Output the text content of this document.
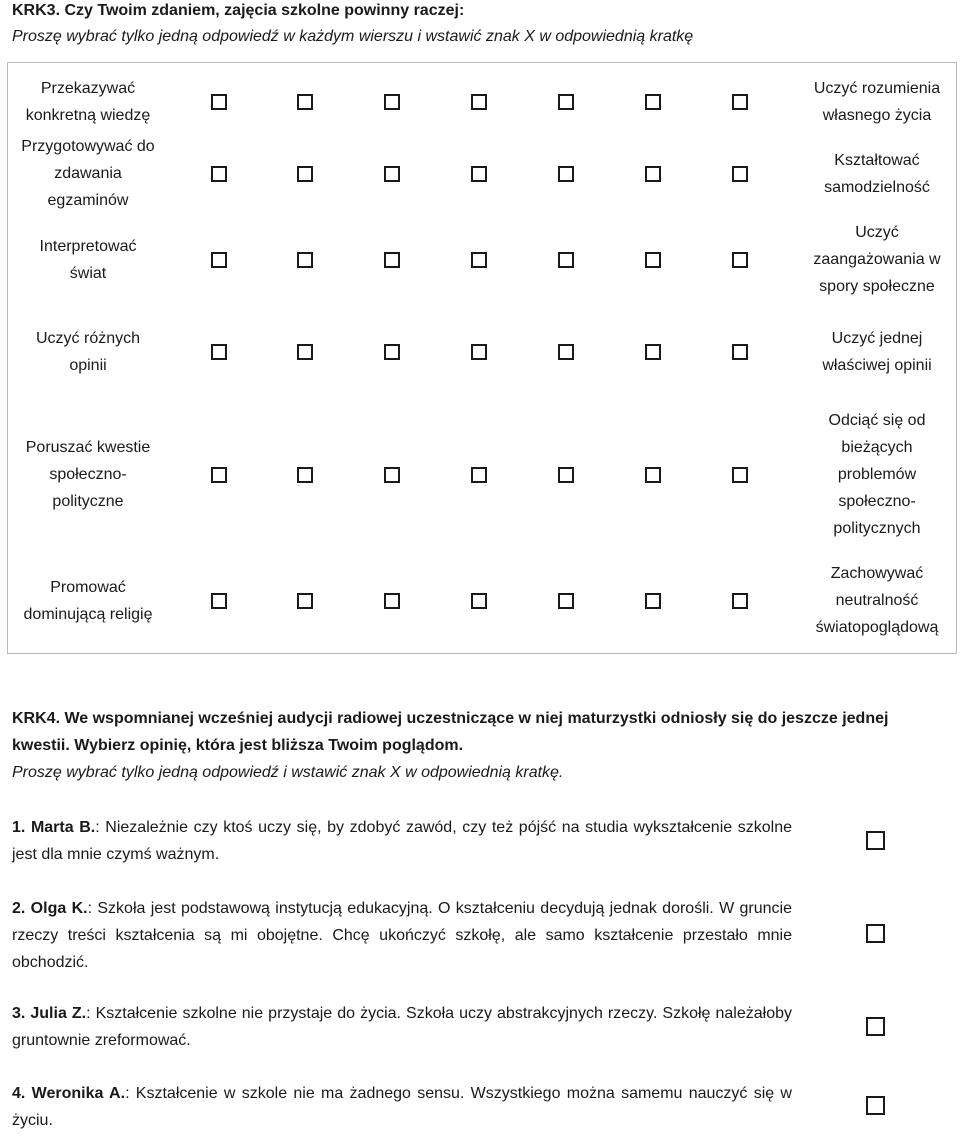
KRK3. Czy Twoim zdaniem, zajęcia szkolne powinny raczej:
Proszę wybrać tylko jedną odpowiedź w każdym wierszu i wstawić znak X w odpowiednią kratkę
Przekazywać
konkretną wiedzę
Uczyć rozumienia
własnego życia
Przygotowywać do
zdawania
egzaminów
Kształtować
samodzielność
Interpretować
świat
Uczyć
zaangażowania w
spory społeczne
Uczyć różnych
opinii
Uczyć jednej
właściwej opinii
Poruszać kwestie
społeczno-
polityczne
Odciąć się od
bieżących
problemów
społeczno-
politycznych
Promować
dominującą religię
Zachowywać
neutralność
światopoglądową
KRK4. We wspomnianej wcześniej audycji radiowej uczestniczące w niej maturzystki odniosły się do jeszcze jednej
kwestii. Wybierz opinię, która jest bliższa Twoim poglądom.
Proszę wybrać tylko jedną odpowiedź i wstawić znak X w odpowiednią kratkę.
1. Marta B.: Niezależnie czy ktoś uczy się, by zdobyć zawód, czy też pójść na studia wykształcenie szkolne jest dla mnie czymś ważnym.
2. Olga K.: Szkoła jest podstawową instytucją edukacyjną. O kształceniu decydują jednak dorośli. W gruncie rzeczy treści kształcenia są mi obojętne. Chcę ukończyć szkołę, ale samo kształcenie przestało mnie obchodzić.
3. Julia Z.: Kształcenie szkolne nie przystaje do życia. Szkoła uczy abstrakcyjnych rzeczy. Szkołę należałoby gruntownie zreformować.
4. Weronika A.: Kształcenie w szkole nie ma żadnego sensu. Wszystkiego można samemu nauczyć się w życiu.
